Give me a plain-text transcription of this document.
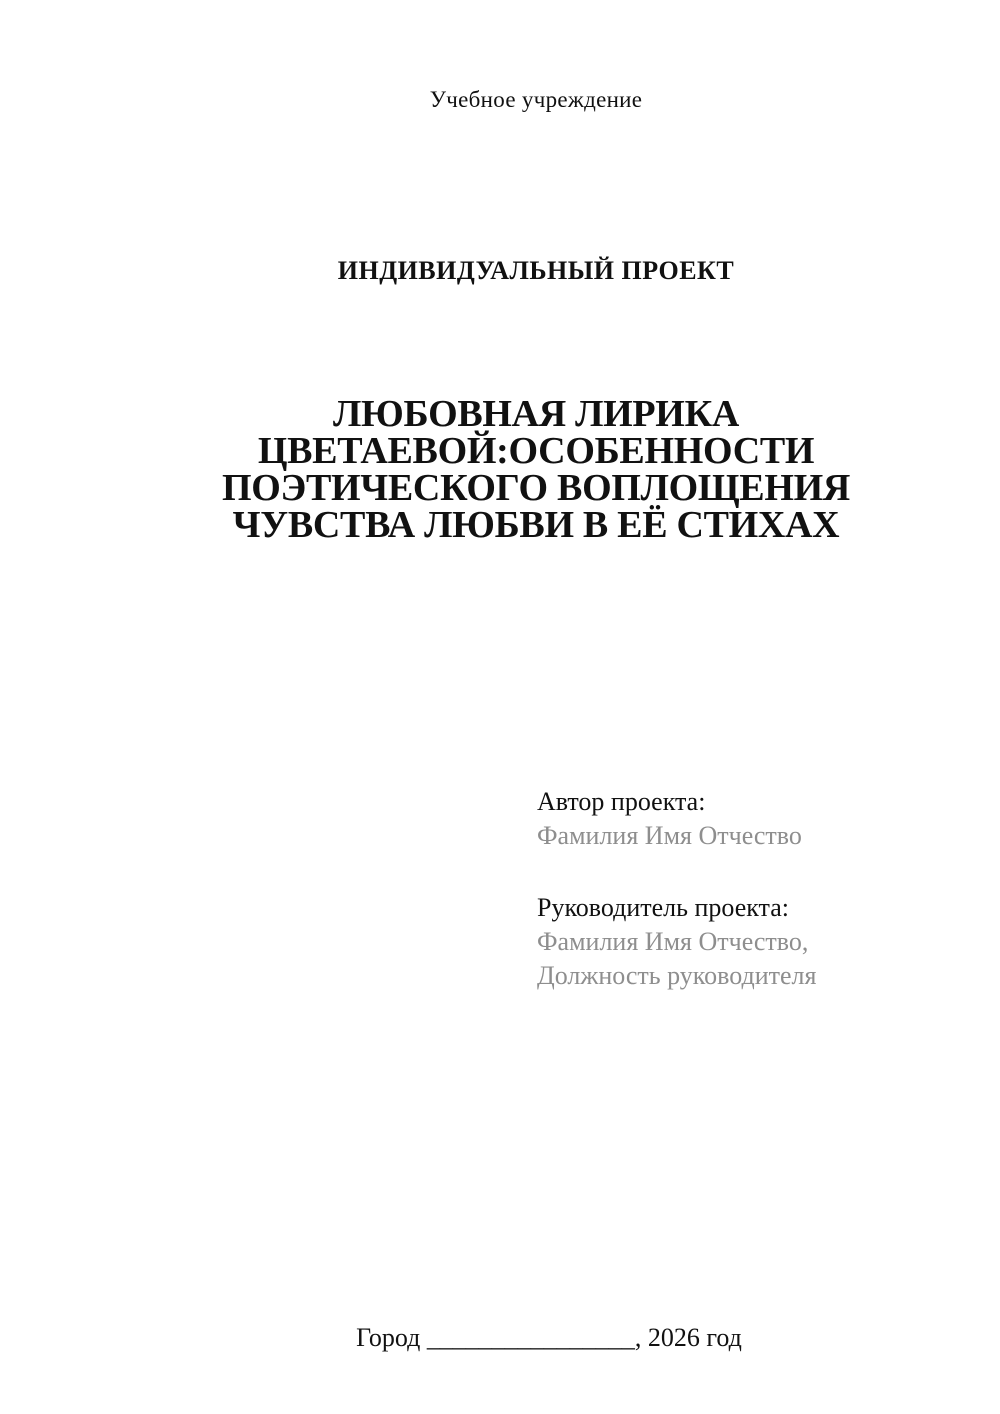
Учебное учреждение
ИНДИВИДУАЛЬНЫЙ ПРОЕКТ
ЛЮБОВНАЯ ЛИРИКА
ЦВЕТАЕВОЙ:ОСОБЕННОСТИ
ПОЭТИЧЕСКОГО ВОПЛОЩЕНИЯ
ЧУВСТВА ЛЮБВИ В ЕЁ СТИХАХ
Автор проекта:
Фамилия Имя Отчество
Руководитель проекта:
Фамилия Имя Отчество,
Должность руководителя

Город ________________, 2026 год
